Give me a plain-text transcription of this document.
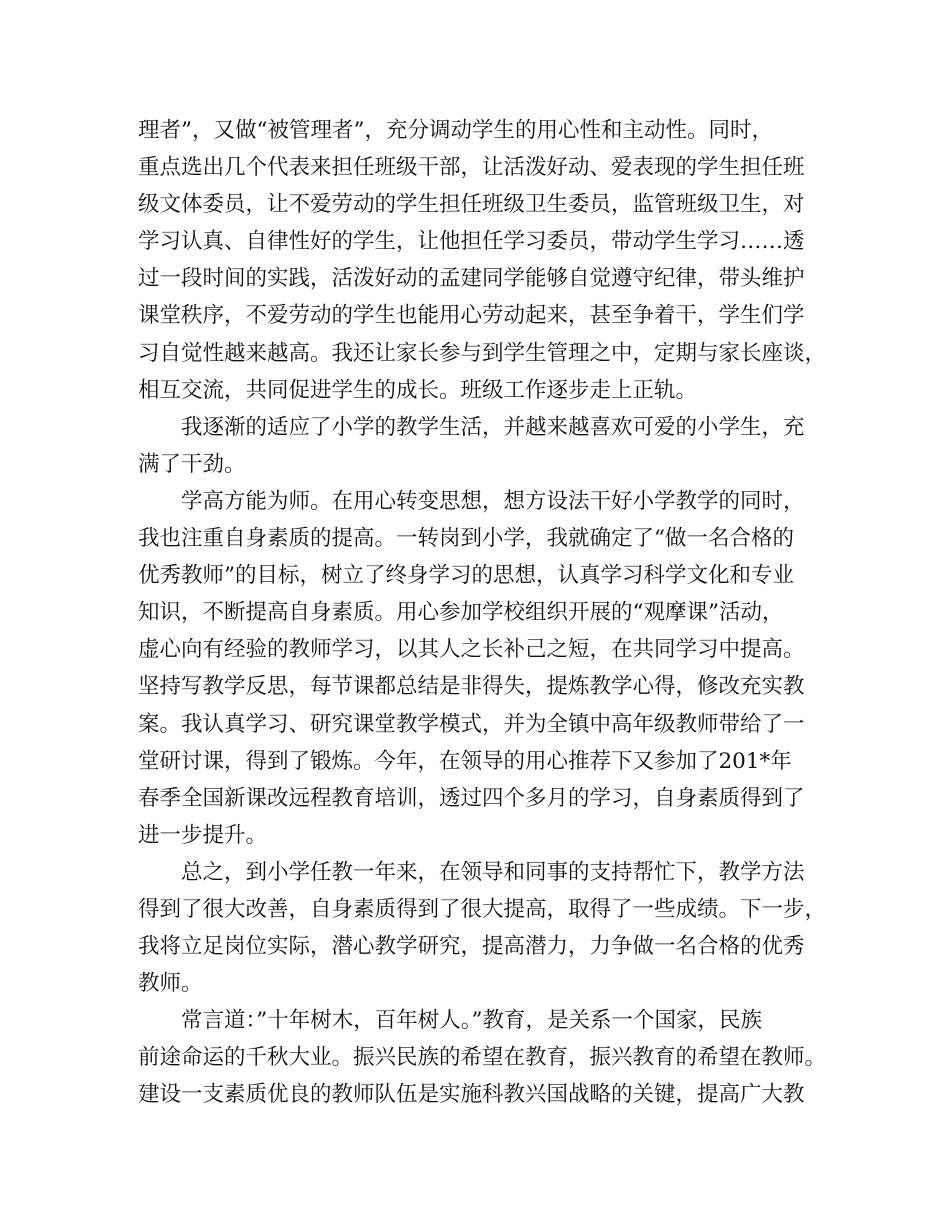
理者”，又做“被管理者”，充分调动学生的用心性和主动性。同时，
重点选出几个代表来担任班级干部，让活泼好动、爱表现的学生担任班
级文体委员，让不爱劳动的学生担任班级卫生委员，监管班级卫生，对
学习认真、自律性好的学生，让他担任学习委员，带动学生学习……透
过一段时间的实践，活泼好动的孟建同学能够自觉遵守纪律，带头维护
课堂秩序，不爱劳动的学生也能用心劳动起来，甚至争着干，学生们学
习自觉性越来越高。我还让家长参与到学生管理之中，定期与家长座谈，
相互交流，共同促进学生的成长。班级工作逐步走上正轨。
我逐渐的适应了小学的教学生活，并越来越喜欢可爱的小学生，充
满了干劲。
学高方能为师。在用心转变思想，想方设法干好小学教学的同时，
我也注重自身素质的提高。一转岗到小学，我就确定了“做一名合格的
优秀教师”的目标，树立了终身学习的思想，认真学习科学文化和专业
知识，不断提高自身素质。用心参加学校组织开展的“观摩课”活动，
虚心向有经验的教师学习，以其人之长补己之短，在共同学习中提高。
坚持写教学反思，每节课都总结是非得失，提炼教学心得，修改充实教
案。我认真学习、研究课堂教学模式，并为全镇中高年级教师带给了一
堂研讨课，得到了锻炼。今年，在领导的用心推荐下又参加了201*年
春季全国新课改远程教育培训，透过四个多月的学习，自身素质得到了
进一步提升。
总之，到小学任教一年来，在领导和同事的支持帮忙下，教学方法
得到了很大改善，自身素质得到了很大提高，取得了一些成绩。下一步，
我将立足岗位实际，潜心教学研究，提高潜力，力争做一名合格的优秀
教师。
常言道：”十年树木，百年树人。”教育，是关系一个国家，民族
前途命运的千秋大业。振兴民族的希望在教育，振兴教育的希望在教师。
建设一支素质优良的教师队伍是实施科教兴国战略的关键，提高广大教
